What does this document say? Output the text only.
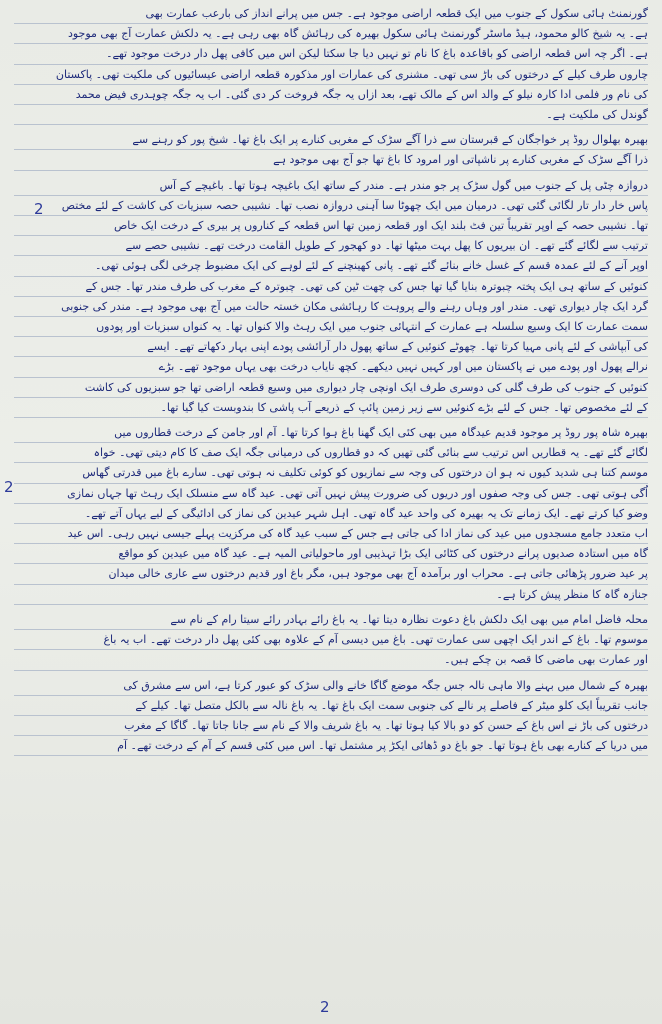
گورنمنٹ ہائی سکول کے جنوب میں ایک قطعہ اراضی موجود ہے۔ جس میں پرانے انداز کی بارعب عمارت بھی
ہے۔ یہ شیخ کالو محمود، ہیڈ ماسٹر گورنمنٹ ہائی سکول بھیرہ کی رہائش گاہ بھی رہی ہے۔ یہ دلکش عمارت آج بھی موجود
ہے۔ اگر چہ اس قطعہ اراضی کو باقاعدہ باغ کا نام تو نہیں دیا جا سکتا لیکن اس میں کافی پھل دار درخت موجود تھے۔
چاروں طرف کیلے کے درختوں کی باڑ سی تھی۔ مشنری کی عمارات اور مذکورہ قطعہ اراضی عیسائیوں کی ملکیت تھی۔ پاکستان
کی نام ور فلمی ادا کارہ نیلو کے والد اس کے مالک تھے، بعد ازاں یہ جگہ فروخت کر دی گئی۔ اب یہ جگہ چوہدری فیض محمد
گوندل کی ملکیت ہے۔
بھیرہ بھلوال روڈ پر خواجگان کے قبرستان سے ذرا آگے سڑک کے مغربی کنارے پر ایک باغ تھا۔ شیخ پور کو رہنے سے
ذرا آگے سڑک کے مغربی کنارے پر ناشپاتی اور امرود کا باغ تھا جو آج بھی موجود ہے
دروازہ چٹی پل کے جنوب میں گول سڑک پر جو مندر ہے۔ مندر کے ساتھ ایک باغیچہ ہوتا تھا۔ باغیچے کے آس
پاس خار دار تار لگائی گئی تھی۔ درمیان میں ایک چھوٹا سا آہنی دروازہ نصب تھا۔ نشیبی حصہ سبزیات کی کاشت کے لئے مختص
تھا۔ نشیبی حصہ کے اوپر تقریباً تین فٹ بلند ایک اور قطعہ زمین تھا اس قطعہ کے کناروں پر بیری کے درخت ایک خاص
ترتیب سے لگائے گئے تھے۔ ان بیریوں کا پھل بہت میٹھا تھا۔ دو کھجور کے طویل القامت درخت تھے۔ نشیبی حصے سے
اوپر آنے کے لئے عمدہ قسم کے غسل خانے بنائے گئے تھے۔ پانی کھینچنے کے لئے لوہے کی ایک مضبوط چرخی لگی ہوئی تھی۔
کنوئیں کے ساتھ ہی ایک پختہ چبوترہ بنایا گیا تھا جس کی چھت ٹین کی تھی۔ چبوترہ کے مغرب کی طرف مندر تھا۔ جس کے
گرد ایک چار دیواری تھی۔ مندر اور وہاں رہنے والے پروہت کا رہائشی مکان خستہ حالت میں آج بھی موجود ہے۔ مندر کی جنوبی
سمت عمارت کا ایک وسیع سلسلہ ہے عمارت کے انتہائی جنوب میں ایک رہٹ والا کنواں تھا۔ یہ کنواں سبزیات اور پودوں
کی آبپاشی کے لئے پانی مہیا کرتا تھا۔ چھوٹے کنوئیں کے ساتھ پھول دار آرائشی پودے اپنی بہار دکھاتے تھے۔ ایسے
نرالے پھول اور پودے میں نے پاکستان میں اور کہیں نہیں دیکھے۔ کچھ نایاب درخت بھی یہاں موجود تھے۔ بڑے
کنوئیں کے جنوب کی طرف گلی کی دوسری طرف ایک اونچی چار دیواری میں وسیع قطعہ اراضی تھا جو سبزیوں کی کاشت
کے لئے مخصوص تھا۔ جس کے لئے بڑے کنوئیں سے زیر زمین پائپ کے ذریعے آب پاشی کا بندوبست کیا گیا تھا۔
بھیرہ شاہ پور روڈ پر موجود قدیم عیدگاہ میں بھی کئی ایک گھنا باغ ہوا کرتا تھا۔ آم اور جامن کے درخت قطاروں میں
لگائے گئے تھے۔ یہ قطاریں اس ترتیب سے بنائی گئی تھیں کہ دو قطاروں کی درمیانی جگہ ایک صف کا کام دیتی تھی۔ خواہ
موسم کتنا ہی شدید کیوں نہ ہو ان درختوں کی وجہ سے نمازیوں کو کوئی تکلیف نہ ہوتی تھی۔ سارے باغ میں قدرتی گھاس
اُگی ہوتی تھی۔ جس کی وجہ صفوں اور دریوں کی ضرورت پیش نہیں آتی تھی۔ عید گاہ سے منسلک ایک رہٹ تھا جہاں نمازی
وضو کیا کرتے تھے۔ ایک زمانے تک یہ بھیرہ کی واحد عید گاہ تھی۔ اہل شہر عیدین کی نماز کی ادائیگی کے لیے یہاں آتے تھے۔
اب متعدد جامع مسجدوں میں عید کی نماز ادا کی جاتی ہے جس کے سبب عید گاہ کی مرکزیت پہلے جیسی نہیں رہی۔ اس عید
گاہ میں استادہ صدیوں پرانے درختوں کی کٹائی ایک بڑا تہذیبی اور ماحولیاتی المیہ ہے۔ عید گاہ میں عیدین کو مواقع
پر عید ضرور پڑھائی جاتی ہے۔ محراب اور برآمدہ آج بھی موجود ہیں، مگر باغ اور قدیم درختوں سے عاری خالی میدان
جنازہ گاہ کا منظر پیش کرتا ہے۔
محلہ فاضل امام میں بھی ایک دلکش باغ دعوت نظارہ دیتا تھا۔ یہ باغ رائے بہادر رائے سیتا رام کے نام سے
موسوم تھا۔ باغ کے اندر ایک اچھی سی عمارت تھی۔ باغ میں دیسی آم کے علاوہ بھی کئی پھل دار درخت تھے۔ اب یہ باغ
اور عمارت بھی ماضی کا قصہ بن چکے ہیں۔
بھیرہ کے شمال میں بہنے والا ماہی نالہ جس جگہ موضع گاگا خانے والی سڑک کو عبور کرتا ہے، اس سے مشرق کی
جانب تقریباً ایک کلو میٹر کے فاصلے پر نالے کی جنوبی سمت ایک باغ تھا۔ یہ باغ نالہ سے بالکل متصل تھا۔ کیلے کے
درختوں کی باڑ نے اس باغ کے حسن کو دو بالا کیا ہوتا تھا۔ یہ باغ شریف والا کے نام سے جانا جاتا تھا۔ گاگا کے مغرب
میں دریا کے کنارے بھی باغ ہوتا تھا۔ جو باغ دو ڈھائی ایکڑ پر مشتمل تھا۔ اس میں کئی قسم کے آم کے درخت تھے۔ آم
2
2
2
